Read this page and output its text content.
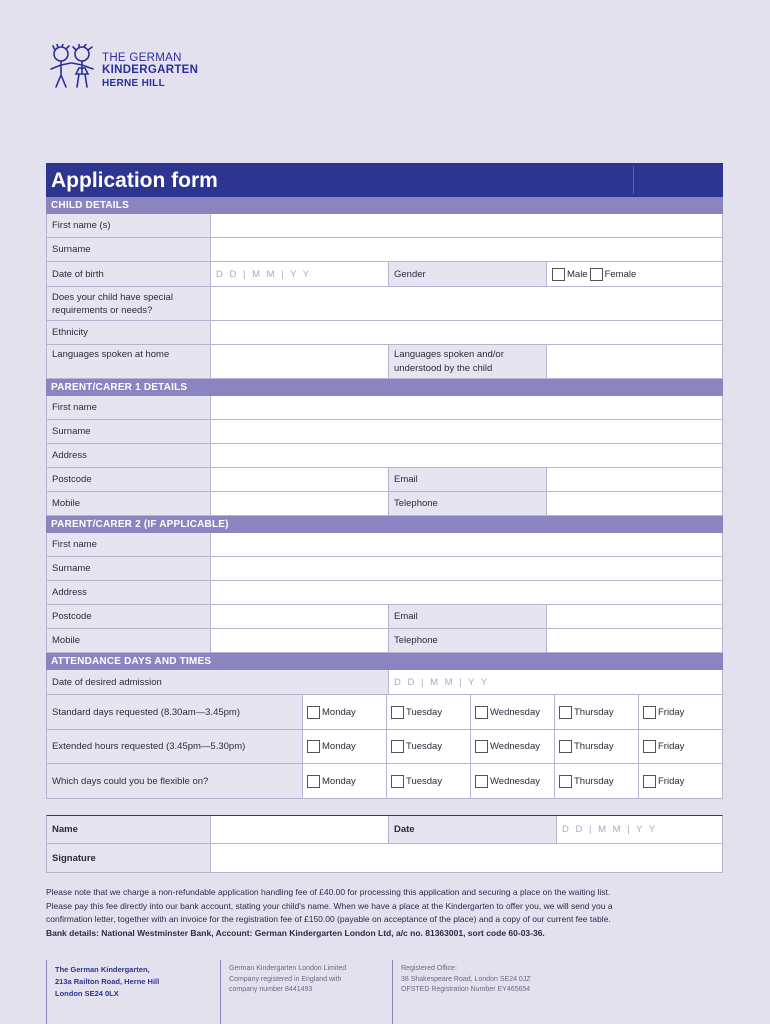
THE GERMAN
KINDERGARTEN
HERNE HILL
Application form
CHILD DETAILS
First name (s)
Surname
Date of birth	D D | M M | Y Y	Gender	Male Female
Does your child have special requirements or needs?
Ethnicity
Languages spoken at home	Languages spoken and/or understood by the child
PARENT/CARER 1 DETAILS
First name
Surname
Address
Postcode	Email
Mobile	Telephone
PARENT/CARER 2 (IF APPLICABLE)
First name
Surname
Address
Postcode	Email
Mobile	Telephone
ATTENDANCE DAYS AND TIMES
Date of desired admission	D D | M M | Y Y
Standard days requested (8.30am—3.45pm)	Monday	Tuesday	Wednesday	Thursday	Friday
Extended hours requested (3.45pm—5.30pm)	Monday	Tuesday	Wednesday	Thursday	Friday
Which days could you be flexible on?	Monday	Tuesday	Wednesday	Thursday	Friday
Name	Date	D D | M M | Y Y
Signature
Please note that we charge a non-refundable application handling fee of £40.00 for processing this application and securing a place on the waiting list.
Please pay this fee directly into our bank account, stating your child's name. When we have a place at the Kindergarten to offer you, we will send you a
confirmation letter, together with an invoice for the registration fee of £150.00 (payable on acceptance of the place) and a copy of our current fee table.
Bank details: National Westminster Bank, Account: German Kindergarten London Ltd, a/c no. 81363001, sort code 60-03-36.
The German Kindergarten,
213a Railton Road, Herne Hill
London SE24 0LX
German Kindergarten London Limited
Company registered in England with
company number 8441493
Registered Office:
38 Shakespeare Road, London SE24 0JZ
OFSTED Registration Number EY465654
